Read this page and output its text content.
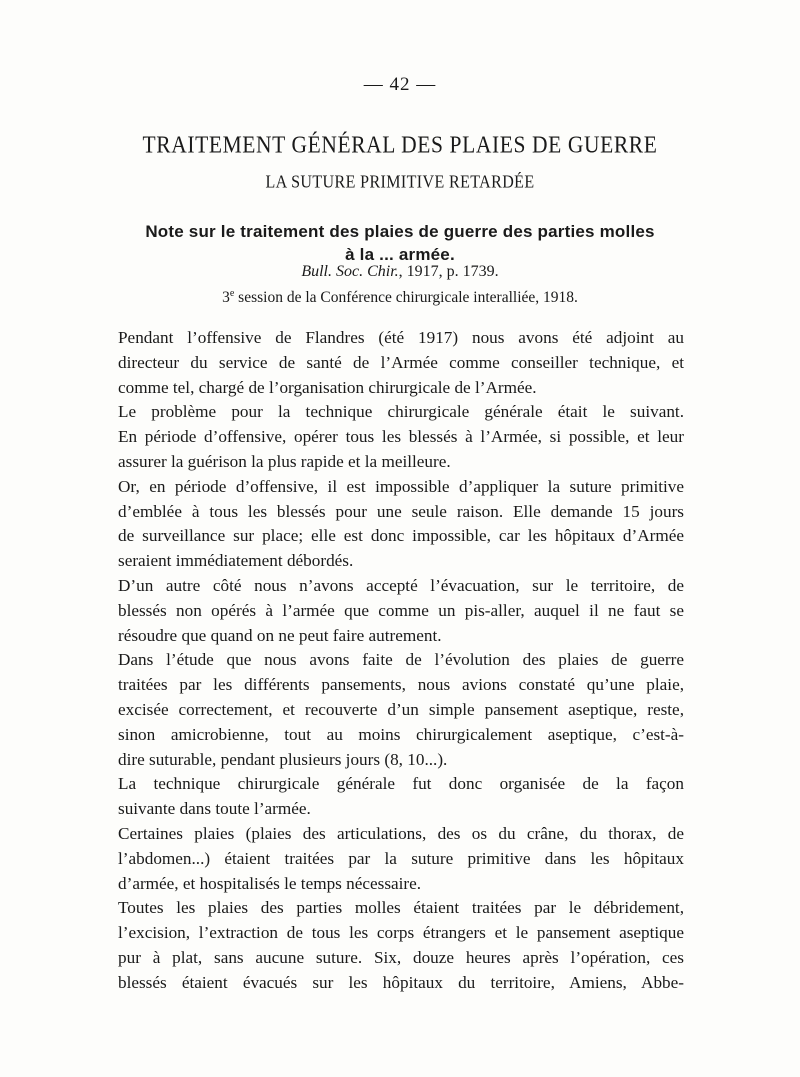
— 42 —
TRAITEMENT GÉNÉRAL DES PLAIES DE GUERRE
LA SUTURE PRIMITIVE RETARDÉE
Note sur le traitement des plaies de guerre des parties molles
à la ... armée.
Bull. Soc. Chir., 1917, p. 1739.
3e session de la Conférence chirurgicale interalliée, 1918.
Pendant l’offensive de Flandres (été 1917) nous avons été adjoint au
directeur du service de santé de l’Armée comme conseiller technique, et
comme tel, chargé de l’organisation chirurgicale de l’Armée.
Le problème pour la technique chirurgicale générale était le suivant.
En période d’offensive, opérer tous les blessés à l’Armée, si possible, et leur
assurer la guérison la plus rapide et la meilleure.
Or, en période d’offensive, il est impossible d’appliquer la suture primitive
d’emblée à tous les blessés pour une seule raison. Elle demande 15 jours
de surveillance sur place; elle est donc impossible, car les hôpitaux d’Armée
seraient immédiatement débordés.
D’un autre côté nous n’avons accepté l’évacuation, sur le territoire, de
blessés non opérés à l’armée que comme un pis-aller, auquel il ne faut se
résoudre que quand on ne peut faire autrement.
Dans l’étude que nous avons faite de l’évolution des plaies de guerre
traitées par les différents pansements, nous avions constaté qu’une plaie,
excisée correctement, et recouverte d’un simple pansement aseptique, reste,
sinon amicrobienne, tout au moins chirurgicalement aseptique, c’est-à-
dire suturable, pendant plusieurs jours (8, 10...).
La technique chirurgicale générale fut donc organisée de la façon
suivante dans toute l’armée.
Certaines plaies (plaies des articulations, des os du crâne, du thorax, de
l’abdomen...) étaient traitées par la suture primitive dans les hôpitaux
d’armée, et hospitalisés le temps nécessaire.
Toutes les plaies des parties molles étaient traitées par le débridement,
l’excision, l’extraction de tous les corps étrangers et le pansement aseptique
pur à plat, sans aucune suture. Six, douze heures après l’opération, ces
blessés étaient évacués sur les hôpitaux du territoire, Amiens, Abbe-
